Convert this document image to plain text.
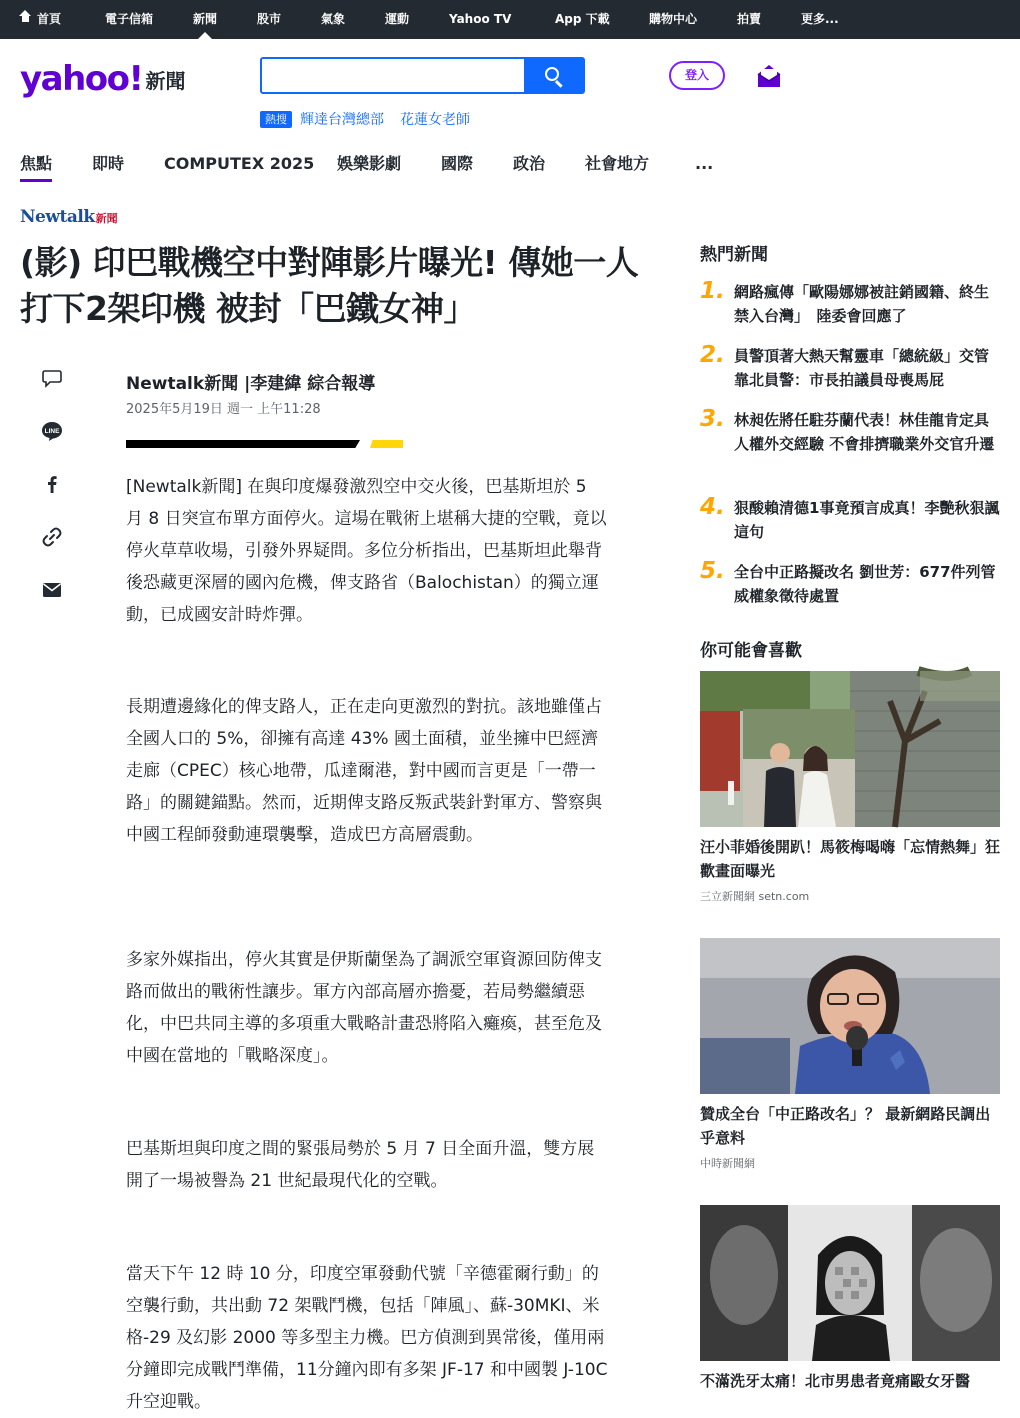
首頁	電子信箱	新聞	股市	氣象	運動	Yahoo TV	App 下載	購物中心	拍賣	更多...
yahoo! 新聞
熱搜 輝達台灣總部 花蓮女老師
登入
焦點 即時 COMPUTEX 2025 娛樂影劇 國際 政治 社會地方	...
Newtalk新聞
(影) 印巴戰機空中對陣影片曝光! 傳她一人打下2架印機 被封「巴鐵女神」
LINE
Newtalk新聞 |李建緯 綜合報導
2025年5月19日 週一 上午11:28

[Newtalk新聞] 在與印度爆發激烈空中交火後，巴基斯坦於 5 月 8 日突宣布單方面停火。這場在戰術上堪稱大捷的空戰，竟以停火草草收場，引發外界疑問。多位分析指出，巴基斯坦此舉背後恐藏更深層的國內危機，俾支路省（Balochistan）的獨立運動，已成國安計時炸彈。

長期遭邊緣化的俾支路人，正在走向更激烈的對抗。該地雖僅占全國人口的 5%，卻擁有高達 43% 國土面積，並坐擁中巴經濟走廊（CPEC）核心地帶，瓜達爾港，對中國而言更是「一帶一路」的關鍵錨點。然而，近期俾支路反叛武裝針對軍方、警察與中國工程師發動連環襲擊，造成巴方高層震動。

多家外媒指出，停火其實是伊斯蘭堡為了調派空軍資源回防俾支路而做出的戰術性讓步。軍方內部高層亦擔憂，若局勢繼續惡化，中巴共同主導的多項重大戰略計畫恐將陷入癱瘓，甚至危及中國在當地的「戰略深度」。

巴基斯坦與印度之間的緊張局勢於 5 月 7 日全面升溫，雙方展開了一場被譽為 21 世紀最現代化的空戰。

當天下午 12 時 10 分，印度空軍發動代號「辛德霍爾行動」的空襲行動，共出動 72 架戰鬥機，包括「陣風」、蘇-30MKI、米格-29 及幻影 2000 等多型主力機。巴方偵測到異常後，僅用兩分鐘即完成戰鬥準備，11分鐘內即有多架 JF-17 和中國製 J-10C 升空迎戰。

熱門新聞
1. 網路瘋傳「歐陽娜娜被註銷國籍、終生禁入台灣」　陸委會回應了
2. 員警頂著大熱天幫靈車「總統級」交管　靠北員警：市長拍議員母喪馬屁
3. 林昶佐將任駐芬蘭代表！林佳龍肯定具人權外交經驗 不會排擠職業外交官升遷
4. 狠酸賴清德1事竟預言成真！李艷秋狠諷這句
5. 全台中正路擬改名 劉世芳：677件列管威權象徵待處置
你可能會喜歡
汪小菲婚後開趴！馬筱梅喝嗨「忘情熱舞」狂歡畫面曝光
三立新聞網 setn.com
贊成全台「中正路改名」？ 最新網路民調出乎意料
中時新聞網
不滿洗牙太痛！北市男患者竟痛毆女牙醫
